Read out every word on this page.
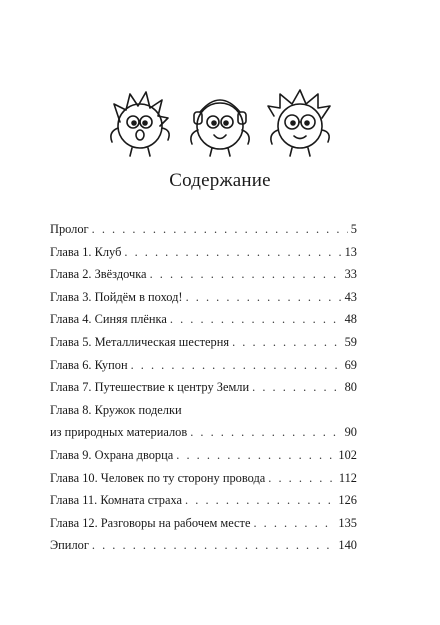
Содержание
Пролог . . .	5
Глава 1. Клуб . . .	13
Глава 2. Звёздочка . . .	33
Глава 3. Пойдём в поход! . . .	43
Глава 4. Синяя плёнка . . .	48
Глава 5. Металлическая шестерня . . .	59
Глава 6. Купон . . .	69
Глава 7. Путешествие к центру Земли . . .	80
Глава 8. Кружок поделки
из природных материалов . . .	90
Глава 9. Охрана дворца . . .	102
Глава 10. Человек по ту сторону провода . . .	112
Глава 11. Комната страха . . .	126
Глава 12. Разговоры на рабочем месте . . .	135
Эпилог . . .	140
